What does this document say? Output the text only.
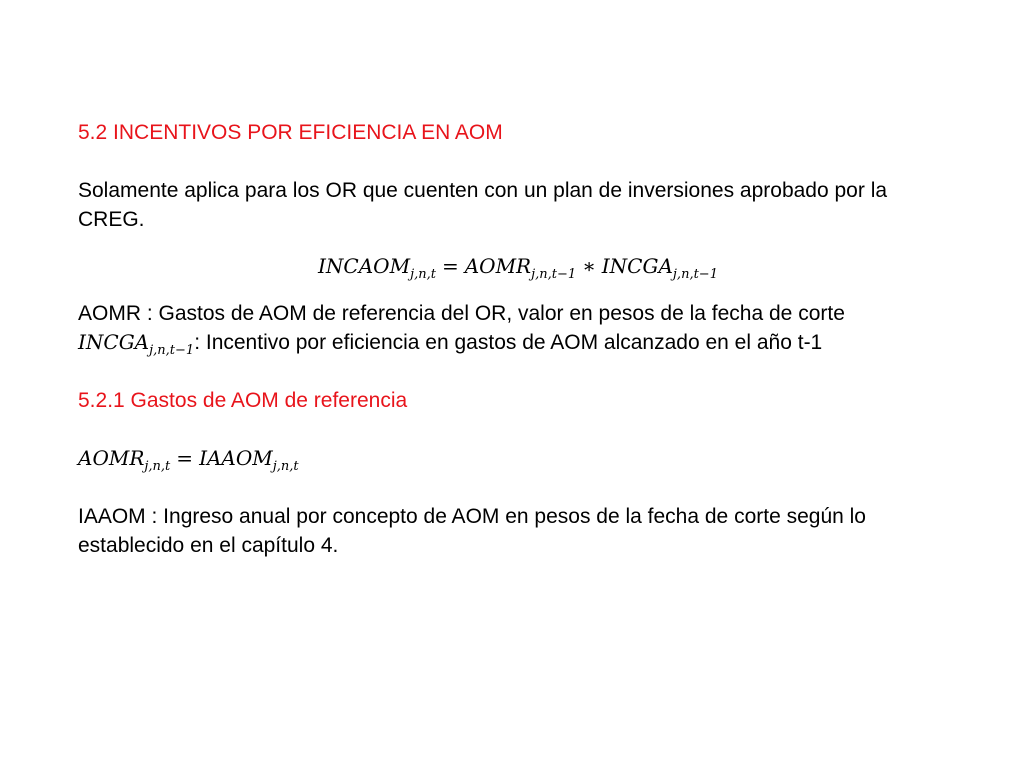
5.2 INCENTIVOS POR EFICIENCIA EN AOM

Solamente aplica para los OR que cuenten con un plan de inversiones aprobado por la CREG.

$INCAOM_{j,n,t}$ = $AOMR_{j,n,t-1}$ ∗ $INCGA_{j,n,t-1}$

AOMR : Gastos de AOM de referencia del OR, valor en pesos de la fecha de corte

$INCGA_{j,n,t-1}$: Incentivo por eficiencia en gastos de AOM alcanzado en el año t-1

5.2.1 Gastos de AOM de referencia

$AOMR_{j,n,t}$ = $IAAOM_{j,n,t}$

IAAOM : Ingreso anual por concepto de AOM en pesos de la fecha de corte según lo establecido en el capítulo 4.
